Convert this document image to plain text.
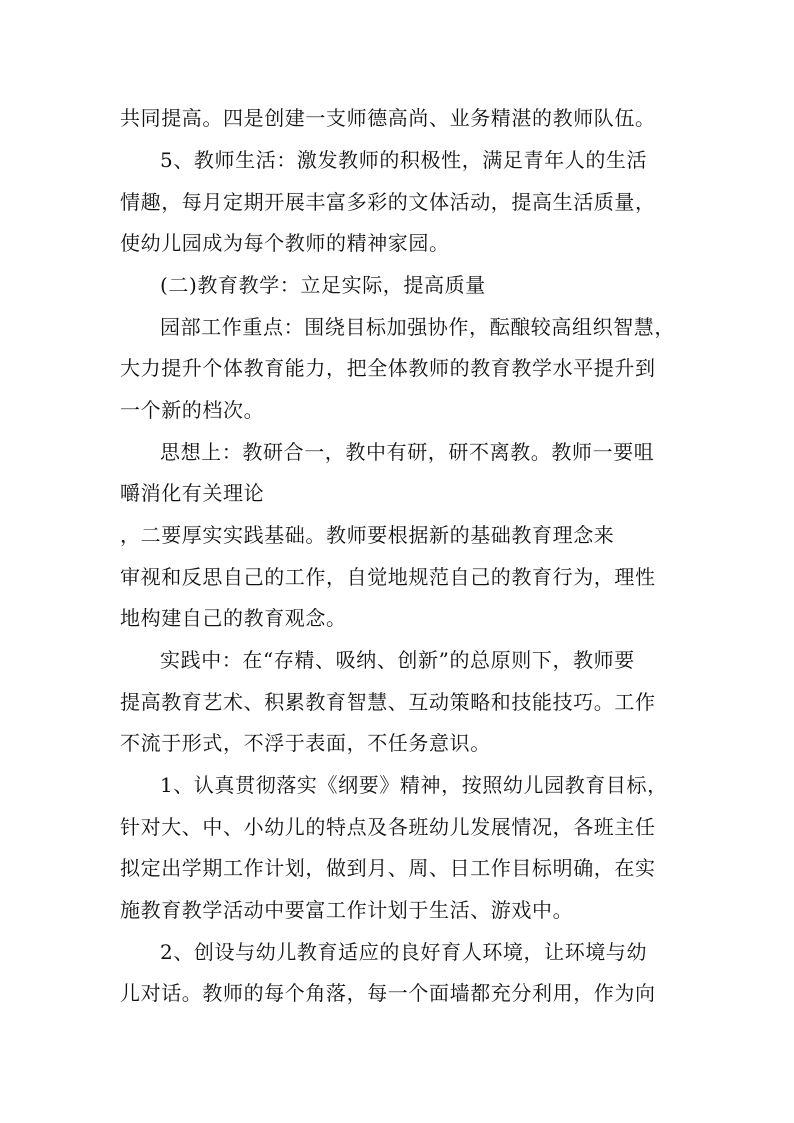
共同提高。四是创建一支师德高尚、业务精湛的教师队伍。
5、教师生活：激发教师的积极性，满足青年人的生活
情趣，每月定期开展丰富多彩的文体活动，提高生活质量，
使幼儿园成为每个教师的精神家园。
(二)教育教学：立足实际，提高质量
园部工作重点：围绕目标加强协作，酝酿较高组织智慧，
大力提升个体教育能力，把全体教师的教育教学水平提升到
一个新的档次。
思想上：教研合一，教中有研，研不离教。教师一要咀
嚼消化有关理论
，二要厚实实践基础。教师要根据新的基础教育理念来
审视和反思自己的工作，自觉地规范自己的教育行为，理性
地构建自己的教育观念。
实践中：在“存精、吸纳、创新”的总原则下，教师要
提高教育艺术、积累教育智慧、互动策略和技能技巧。工作
不流于形式，不浮于表面，不任务意识。
1、认真贯彻落实《纲要》精神，按照幼儿园教育目标，
针对大、中、小幼儿的特点及各班幼儿发展情况，各班主任
拟定出学期工作计划，做到月、周、日工作目标明确，在实
施教育教学活动中要富工作计划于生活、游戏中。
2、创设与幼儿教育适应的良好育人环境，让环境与幼
儿对话。教师的每个角落，每一个面墙都充分利用，作为向
